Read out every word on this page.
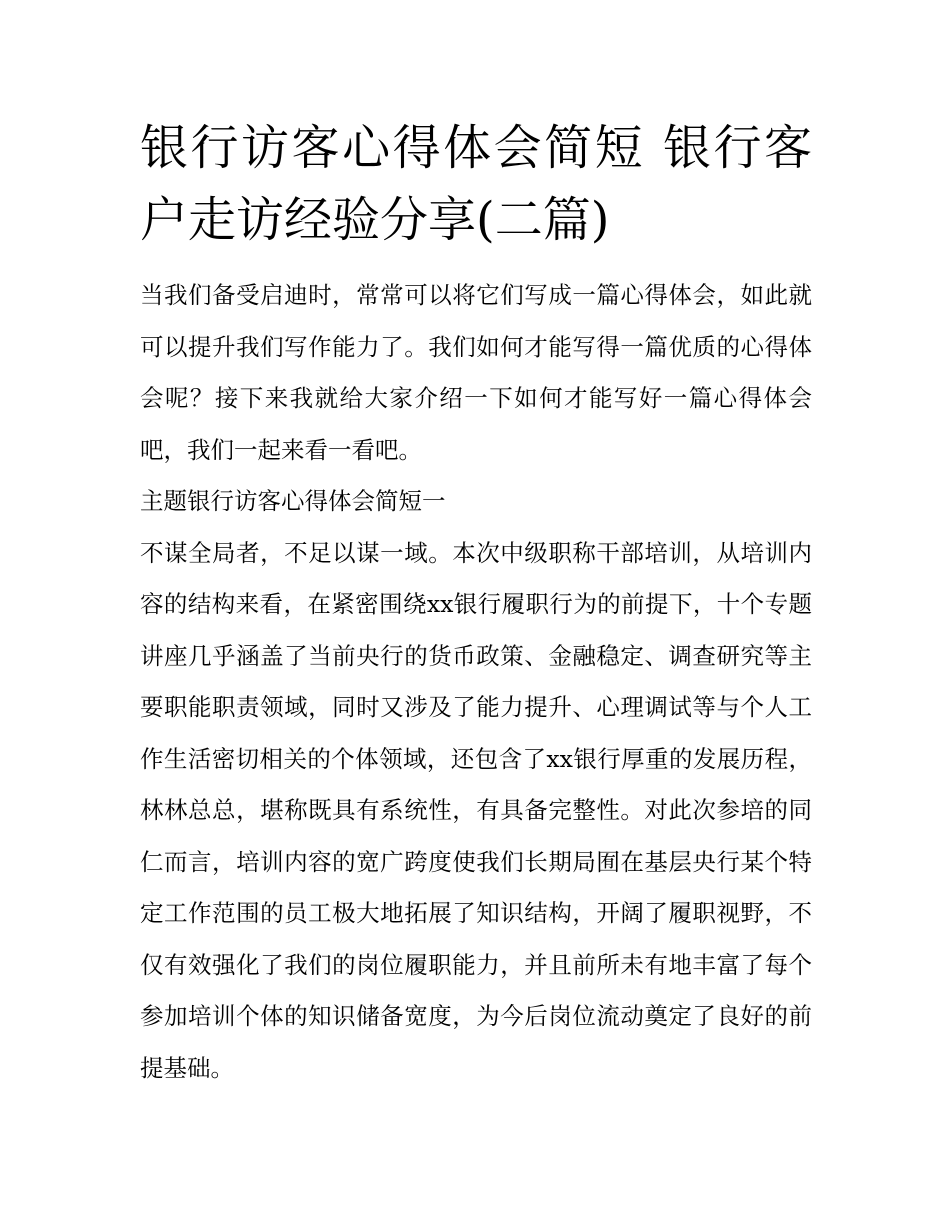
银行访客心得体会简短 银行客户走访经验分享(二篇)

当我们备受启迪时，常常可以将它们写成一篇心得体会，如此就可以提升我们写作能力了。我们如何才能写得一篇优质的心得体会呢？接下来我就给大家介绍一下如何才能写好一篇心得体会吧，我们一起来看一看吧。

主题银行访客心得体会简短一

不谋全局者，不足以谋一域。本次中级职称干部培训，从培训内容的结构来看，在紧密围绕xx银行履职行为的前提下，十个专题讲座几乎涵盖了当前央行的货币政策、金融稳定、调查研究等主要职能职责领域，同时又涉及了能力提升、心理调试等与个人工作生活密切相关的个体领域，还包含了xx银行厚重的发展历程，林林总总，堪称既具有系统性，有具备完整性。对此次参培的同仁而言，培训内容的宽广跨度使我们长期局囿在基层央行某个特定工作范围的员工极大地拓展了知识结构，开阔了履职视野，不仅有效强化了我们的岗位履职能力，并且前所未有地丰富了每个参加培训个体的知识储备宽度，为今后岗位流动奠定了良好的前提基础。
